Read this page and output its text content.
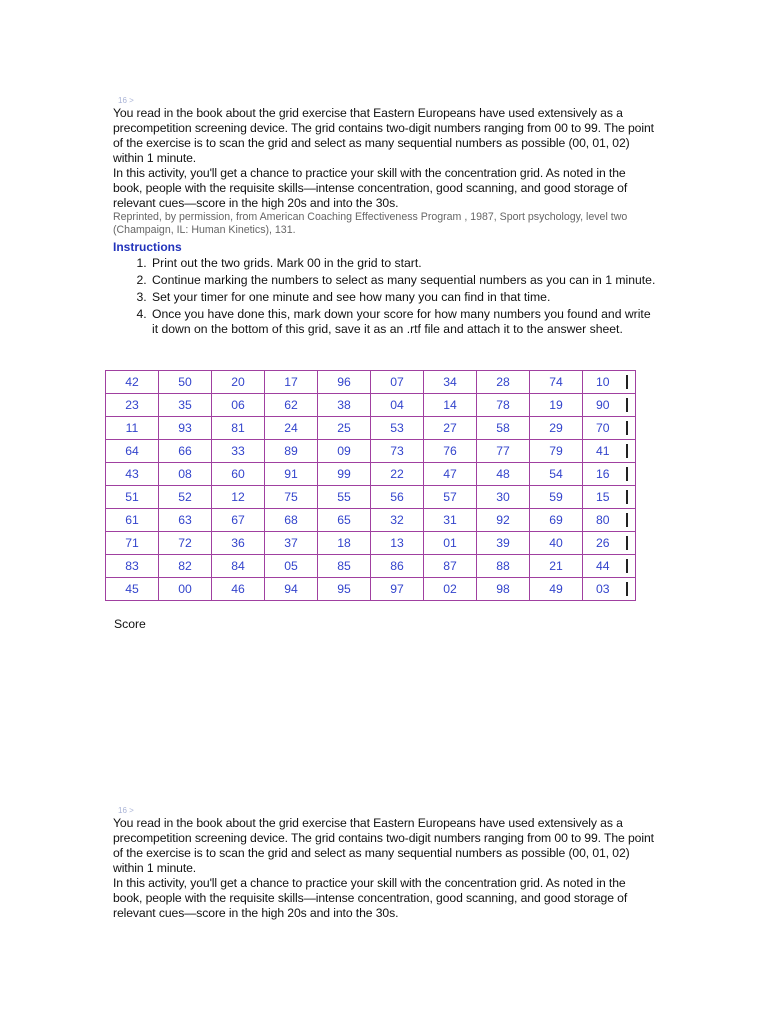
16 >

You read in the book about the grid exercise that Eastern Europeans have used extensively as a precompetition screening device. The grid contains two-digit numbers ranging from 00 to 99. The point of the exercise is to scan the grid and select as many sequential numbers as possible (00, 01, 02) within 1 minute.

In this activity, you'll get a chance to practice your skill with the concentration grid. As noted in the book, people with the requisite skills—intense concentration, good scanning, and good storage of relevant cues—score in the high 20s and into the 30s.

Reprinted, by permission, from American Coaching Effectiveness Program , 1987, Sport psychology, level two (Champaign, IL: Human Kinetics), 131.

Instructions
1. Print out the two grids. Mark 00 in the grid to start.
2. Continue marking the numbers to select as many sequential numbers as you can in 1 minute.
3. Set your timer for one minute and see how many you can find in that time.
4. Once you have done this, mark down your score for how many numbers you found and write it down on the bottom of this grid, save it as an .rtf file and attach it to the answer sheet.
42	50	20	17	96	07	34	28	74	10

23	35	06	62	38	04	14	78	19	90

11	93	81	24	25	53	27	58	29	70

64	66	33	89	09	73	76	77	79	41

43	08	60	91	99	22	47	48	54	16

51	52	12	75	55	56	57	30	59	15

61	63	67	68	65	32	31	92	69	80

71	72	36	37	18	13	01	39	40	26

83	82	84	05	85	86	87	88	21	44

45	00	46	94	95	97	02	98	49	03
Score
16 >

You read in the book about the grid exercise that Eastern Europeans have used extensively as a precompetition screening device. The grid contains two-digit numbers ranging from 00 to 99. The point of the exercise is to scan the grid and select as many sequential numbers as possible (00, 01, 02) within 1 minute.

In this activity, you'll get a chance to practice your skill with the concentration grid. As noted in the book, people with the requisite skills—intense concentration, good scanning, and good storage of relevant cues—score in the high 20s and into the 30s.
